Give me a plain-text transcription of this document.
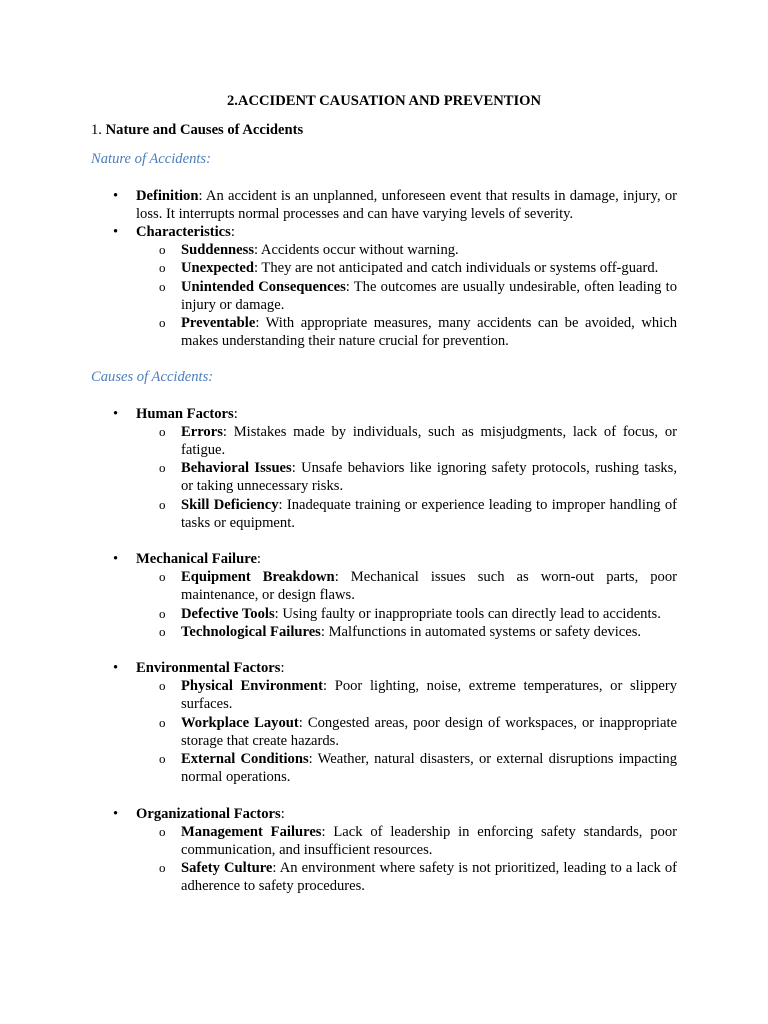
2.ACCIDENT CAUSATION AND PREVENTION
1. Nature and Causes of Accidents
Nature of Accidents:
• Definition: An accident is an unplanned, unforeseen event that results in damage, injury, or loss. It interrupts normal processes and can have varying levels of severity.
• Characteristics:
o Suddenness: Accidents occur without warning.
o Unexpected: They are not anticipated and catch individuals or systems off-guard.
o Unintended Consequences: The outcomes are usually undesirable, often leading to injury or damage.
o Preventable: With appropriate measures, many accidents can be avoided, which makes understanding their nature crucial for prevention.
Causes of Accidents:
• Human Factors:
o Errors: Mistakes made by individuals, such as misjudgments, lack of focus, or fatigue.
o Behavioral Issues: Unsafe behaviors like ignoring safety protocols, rushing tasks, or taking unnecessary risks.
o Skill Deficiency: Inadequate training or experience leading to improper handling of tasks or equipment.
• Mechanical Failure:
o Equipment Breakdown: Mechanical issues such as worn-out parts, poor maintenance, or design flaws.
o Defective Tools: Using faulty or inappropriate tools can directly lead to accidents.
o Technological Failures: Malfunctions in automated systems or safety devices.
• Environmental Factors:
o Physical Environment: Poor lighting, noise, extreme temperatures, or slippery surfaces.
o Workplace Layout: Congested areas, poor design of workspaces, or inappropriate storage that create hazards.
o External Conditions: Weather, natural disasters, or external disruptions impacting normal operations.
• Organizational Factors:
o Management Failures: Lack of leadership in enforcing safety standards, poor communication, and insufficient resources.
o Safety Culture: An environment where safety is not prioritized, leading to a lack of adherence to safety procedures.
